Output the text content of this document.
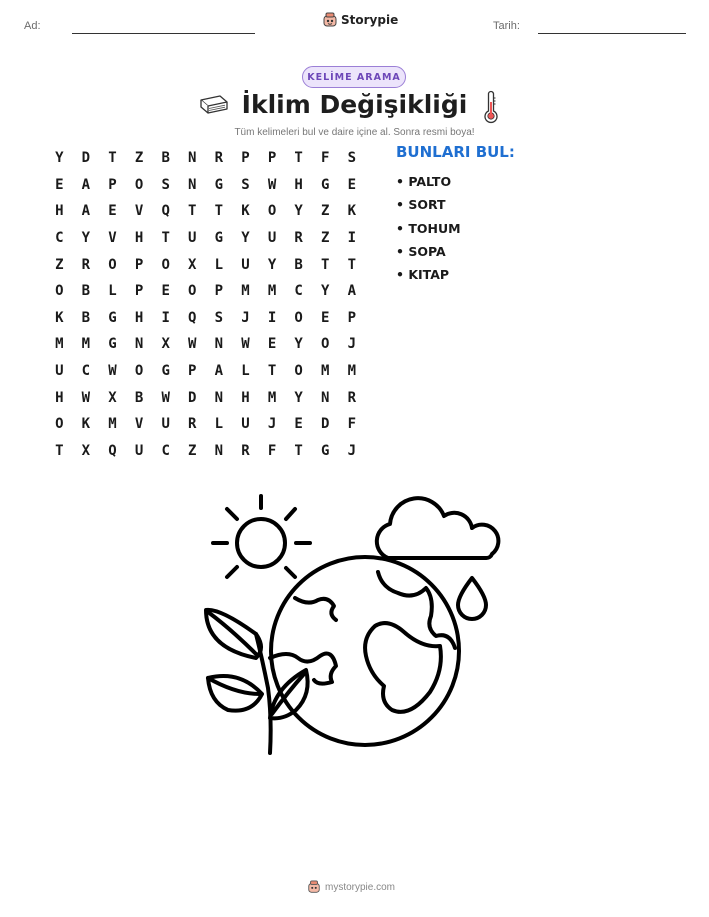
Ad:	Storypie	Tarih:
KELİME ARAMA
İklim Değişikliği
Tüm kelimeleri bul ve daire içine al. Sonra resmi boya!
Y	D	T	Z	B	N	R	P	P	T	F	S
E	A	P	O	S	N	G	S	W	H	G	E
H	A	E	V	Q	T	T	K	O	Y	Z	K
C	Y	V	H	T	U	G	Y	U	R	Z	I
Z	R	O	P	O	X	L	U	Y	B	T	T
O	B	L	P	E	O	P	M	M	C	Y	A
K	B	G	H	I	Q	S	J	I	O	E	P
M	M	G	N	X	W	N	W	E	Y	O	J
U	C	W	O	G	P	A	L	T	O	M	M
H	W	X	B	W	D	N	H	M	Y	N	R
O	K	M	V	U	R	L	U	J	E	D	F
T	X	Q	U	C	Z	N	R	F	T	G	J
BUNLARI BUL:
• PALTO
• SORT
• TOHUM
• SOPA
• KITAP
mystorypie.com
